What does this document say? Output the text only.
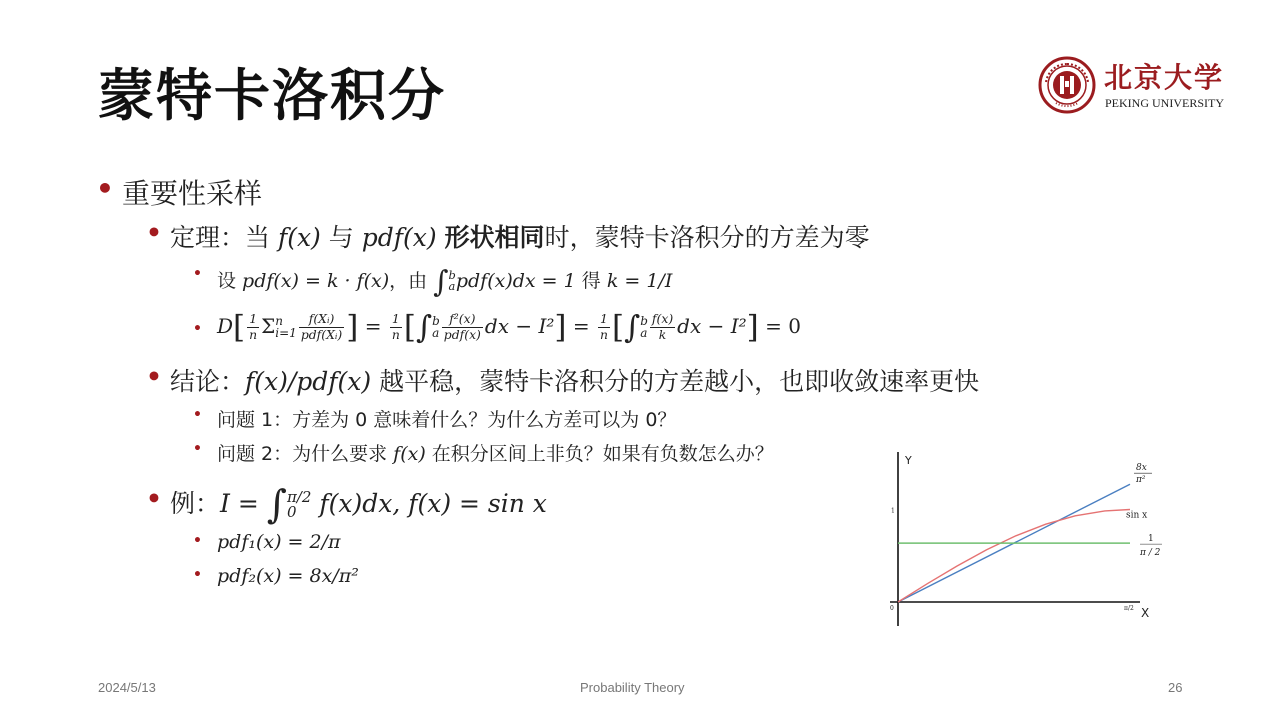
蒙特卡洛积分	北京大学
PEKING UNIVERSITY
• 重要性采样
• 定理：当 f(x) 与 pdf(x) 形状相同时，蒙特卡洛积分的方差为零
• 设 pdf(x) = k · f(x)，由 ∫ b
a pdf(x)dx = 1 得 k = 1/I
• $D[ \frac{1}{n}$ Σ n
$i=1 \frac{\text{f(Xᵢ)}}{\text{pdf(Xᵢ)}}$ ] = $\frac{1}{n}$ [∫ b
a $\frac{\text{f²(x)}}{\text{pdf(x)}}$ dx − $I^2] = \frac{1}{n}$ [∫ b
a $\frac{f(x)}{k}$ dx − I²] = 0
• 结论：f(x)/pdf(x) 越平稳，蒙特卡洛积分的方差越小，也即收敛速率更快
• 问题 1：方差为 0 意味着什么？为什么方差可以为 0？
• 问题 2：为什么要求 f(x) 在积分区间上非负？如果有负数怎么办？
• 例：I = ∫ π/2
0 f(x)dx, f(x) = sin x
• pdf₁(x) = 2/π
• pdf₂(x) = 8x/π²
Y
X
0	π/2
1
8x
π²
sin x
1
π / 2
2024/5/13	Probability Theory	26
